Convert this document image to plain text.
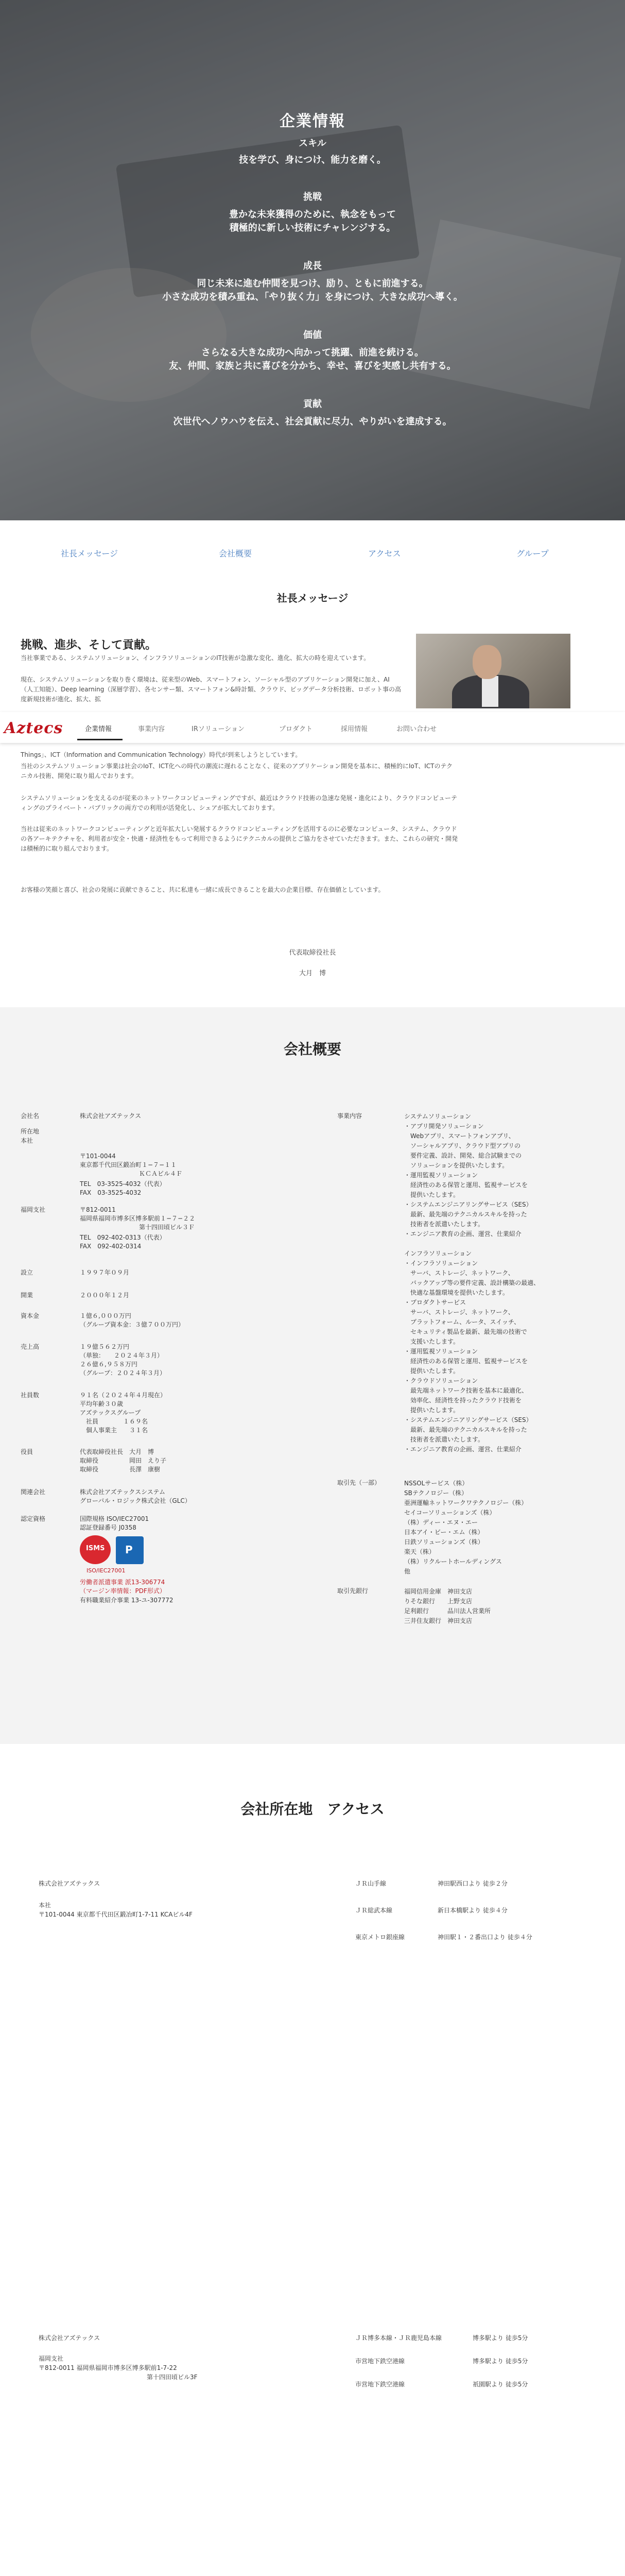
企業情報
スキル
技を学び、身につけ、能力を磨く。
挑戦

豊かな未来獲得のために、執念をもって

積極的に新しい技術にチャレンジする。

成長

同じ未来に進む仲間を見つけ、励り、ともに前進する。

小さな成功を積み重ね、「やり抜く力」を身につけ、大きな成功へ導く。

価値

さらなる大きな成功へ向かって挑躍、前進を続ける。

友、仲間、家族と共に喜びを分かち、幸せ、喜びを実感し共有する。

貢献

次世代へノウハウを伝え、社会貢献に尽力、やりがいを達成する。

社長メッセージ	会社概要	アクセス	グループ
社長メッセージ
挑戦、進歩、そして貢献。

当社事業である、システムソリューション、インフラソリューションのIT技術が急激な変化、進化、拡大の時を迎えています。

現在、システムソリューションを取り巻く環境は、従来型のWeb、スマートフォン、ソーシャル型のアプリケーション開発に加え、AI（人工知能）、Deep learning（深層学習）、各センサー類、スマートフォン&時計類、クラウド、ビッグデータ分析技術、ロボット事の高度新規技術が進化、拡大、拡

Aztecs	企業情報	事業内容	IRソリューション	プロダクト	採用情報	お問い合わせ

Things」、ICT（Information and Communication Technology）時代が到来しようとしています。

当社のシステムソリューション事業は社会のIoT、ICT化への時代の潮流に遅れることなく、従来のアプリケーション開発を基本に、積極的にIoT、ICTのテクニカル技術、開発に取り組んでおります。

システムソリューションを支えるのが従来のネットワークコンピューティングですが、最近はクラウド技術の急速な発展・進化により、クラウドコンピューティングのプライベート・パブリックの両方での利用が活発化し、シェアが拡大しております。

当社は従来のネットワークコンピューティングと近年拡大しい発展するクラウドコンピューティングを活用するのに必要なコンピュータ、システム、クラウドの各アーキテクチャを、利用者が安全・快適・経済性をもって利用できるようにテクニカルの提供とご協力をさせていただきます。また、これらの研究・開発は積極的に取り組んでおります。

お客様の笑顔と喜び、社会の発展に貢献できること、共に私達も一緒に成長できることを最大の企業目標、存在価値としています。

代表取締役社長
大月　博
会社概要
会社名	株式会社アズテックス
所在地
本社
〒101-0044
東京都千代田区鍛冶町１−７−１１
ＫＣＡビル４Ｆ
TEL　03-3525-4032（代表）
FAX　03-3525-4032
福岡支社	〒812-0011
福岡県福岡市博多区博多駅前１−７−２２
第十四田頃ビル３Ｆ
TEL　092-402-0313（代表）
FAX　092-402-0314
設立	１９９７年０９月
開業	２０００年１２月
資本金	１億６,０００万円
（グループ資本金：３億７００万円）
売上高	１９億５６２万円
（単独：　　２０２４年３月）
２６億６,９５８万円
（グループ：２０２４年３月）
社員数	９１名（２０２４年４月現在）
平均年齢３０歳
アズテックスグループ
　社員　　　　１６９名
　個人事業主　　３１名
役員	代表取締役社長　大月　博
取締役　　　　　岡田　えり子
取締役　　　　　長澤　康樹
関連会社	株式会社アズテックスシステム
グローバル・ロジック株式会社（GLC）
認定資格	国際規格 ISO/IEC27001
認証登録番号 J0358
ISMS P
ISO/IEC27001
労働者派遣事業 派13-306774
（マージン率情報：PDF形式）
有料職業紹介事業 13-ユ-307772
事業内容	システムソリューション
・アプリ開発ソリューション
　Webアプリ、スマートフォンアプリ、
　ソーシャルアプリ、クラウド型アプリの
　要件定義、設計、開発、総合試験までの
　ソリューションを提供いたします。
・運用監視ソリューション
　経済性のある保管と運用、監視サービスを
　提供いたします。
・システムエンジニアリングサービス（SES）
　最新、最先端のテクニカルスキルを持った
　技術者を派遣いたします。
・エンジニア教育の企画、運営、仕業紹介
インフラソリューション
・インフラソリューション
　サーバ、ストレージ、ネットワーク、
　バックアップ等の要件定義、設計構築の最適、
　快適な基盤環境を提供いたします。
・プロダクトサービス
　サーバ、ストレージ、ネットワーク、
　プラットフォーム、ルータ、スイッチ、
　セキュリティ製品を最新、最先端の技術で
　支援いたします。
・運用監視ソリューション
　経済性のある保管と運用、監視サービスを
　提供いたします。
・クラウドソリューション
　最先端ネットワーク技術を基本に最適化、
　効率化、経済性を持ったクラウド技術を
　提供いたします。
・システムエンジニアリングサービス（SES）
　最新、最先端のテクニカルスキルを持った
　技術者を派遣いたします。
・エンジニア教育の企画、運営、仕業紹介
取引先（一部）	NSSOLサービス（株）
SBテクノロジー（株）
亜洲運輸ネットワークワテクノロジー（株）
セイコーソリューションズ（株）
（株）ディー・エヌ・エー
日本アイ・ビー・エム（株）
日鉄ソリューションズ（株）
楽天（株）
（株）リクルートホールディングス
他
取引先銀行	福岡信用金庫　神田支店
りそな銀行　　上野支店
足利銀行　　　品川法人営業所
三井住友銀行　神田支店
会社所在地　アクセス
株式会社アズテックス
本社
〒101-0044 東京都千代田区鍛冶町1-7-11 KCAビル4F
ＪＲ山手線	神田駅西口より 徒歩２分
ＪＲ総武本線	新日本橋駅より 徒歩４分
東京メトロ銀座線	神田駅１・２番出口より 徒歩４分
株式会社アズテックス
福岡支社
〒812-0011 福岡県福岡市博多区博多駅前1-7-22
第十四田頃ビル3F
ＪＲ博多本線・ＪＲ鹿児島本線	博多駅より 徒歩5分
市営地下鉄空港線	博多駅より 徒歩5分
市営地下鉄空港線	祇園駅より 徒歩5分
